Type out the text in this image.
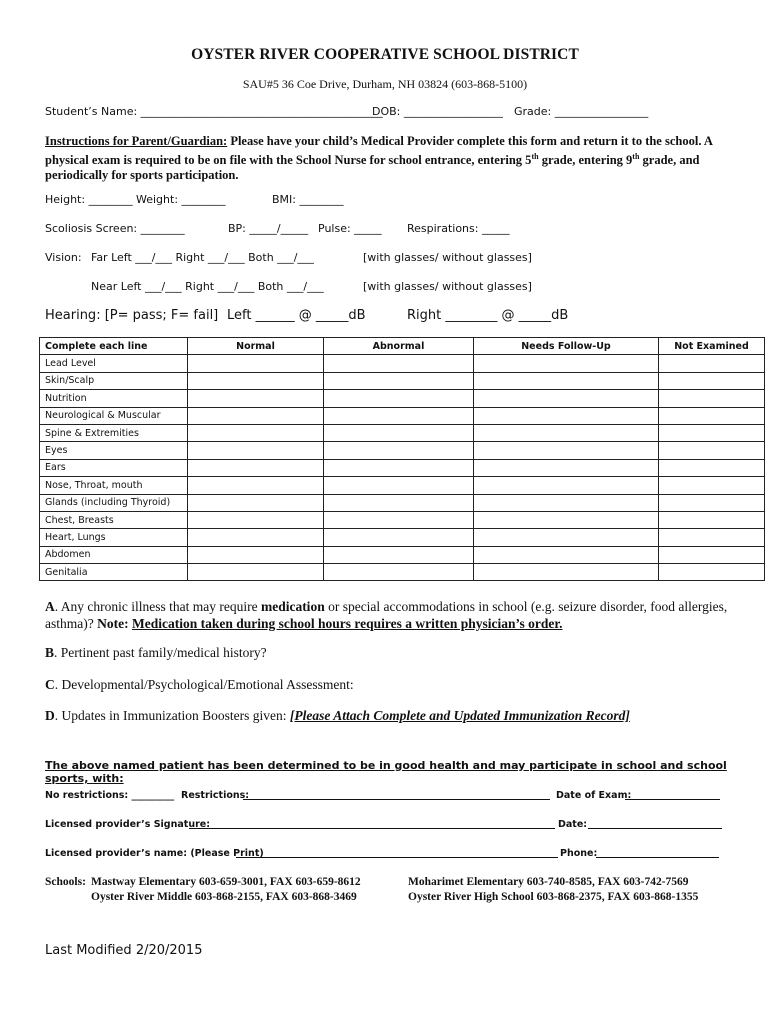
OYSTER RIVER COOPERATIVE SCHOOL DISTRICT
SAU#5 36 Coe Drive, Durham, NH 03824 (603-868-5100)
Student’s Name: ____________________________________________
DOB: __________________ Grade: _________________
Instructions for Parent/Guardian: Please have your child’s Medical Provider complete this form and return it to the school. A physical exam is required to be on file with the School Nurse for school entrance, entering 5th grade, entering 9th grade, and periodically for sports participation.
Height: ________ Weight: ________	BMI: ________
Scoliosis Screen: ________	BP: _____/_____ Pulse: _____ Respirations: _____
Vision: Far Left ___/___ Right ___/___ Both ___/___	[with glasses/ without glasses]
Near Left ___/___ Right ___/___ Both ___/___	[with glasses/ without glasses]
Hearing: [P= pass; F= fail] Left ______ @ _____dB	Right ________ @ _____dB
Complete each line	Normal	Abnormal	Needs Follow-Up	Not Examined
Lead Level				
Skin/Scalp				
Nutrition				
Neurological & Muscular				
Spine & Extremities				
Eyes				
Ears				
Nose, Throat, mouth				
Glands (including Thyroid)				
Chest, Breasts				
Heart, Lungs				
Abdomen				
Genitalia				
A. Any chronic illness that may require medication or special accommodations in school (e.g. seizure disorder, food allergies, asthma)? Note: Medication taken during school hours requires a written physician’s order.
B. Pertinent past family/medical history?
C. Developmental/Psychological/Emotional Assessment:
D. Updates in Immunization Boosters given: [Please Attach Complete and Updated Immunization Record]
The above named patient has been determined to be in good health and may participate in school and school sports, with:
No restrictions: _________ Restrictions:	Date of Exam:
Licensed provider’s Signature:	Date:
Licensed provider’s name: (Please Print)	Phone:
Schools: Mastway Elementary 603-659-3001, FAX 603-659-8612
Oyster River Middle 603-868-2155, FAX 603-868-3469
Moharimet Elementary 603-740-8585, FAX 603-742-7569
Oyster River High School 603-868-2375, FAX 603-868-1355
Last Modified 2/20/2015
